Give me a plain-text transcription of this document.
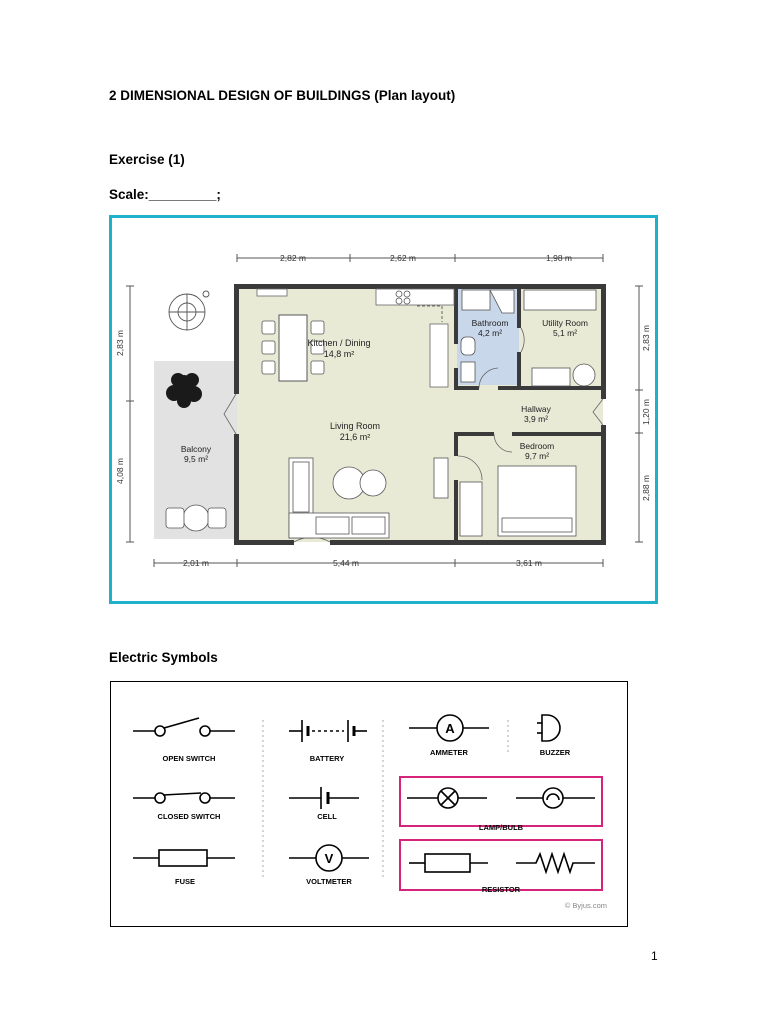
2 DIMENSIONAL DESIGN OF BUILDINGS (Plan layout)
Exercise (1)
Scale:_________;
2,82 m	2,62 m	1,98 m
2,01 m	5,44 m	3,61 m
2,83 m
4,08 m
2,83 m
1,20 m
2,88 m
Kitchen / Dining
14,8 m²
Bathroom
4,2 m²
Utility Room
5,1 m²
Hallway
3,9 m²
Living Room
21,6 m²
Bedroom
9,7 m²
Balcony
9,5 m²
Electric Symbols
OPEN SWITCH
CLOSED SWITCH
FUSE
BATTERY
CELL
V
VOLTMETER
A
AMMETER	BUZZER
LAMP/BULB
RESISTOR
© Byjus.com
1
